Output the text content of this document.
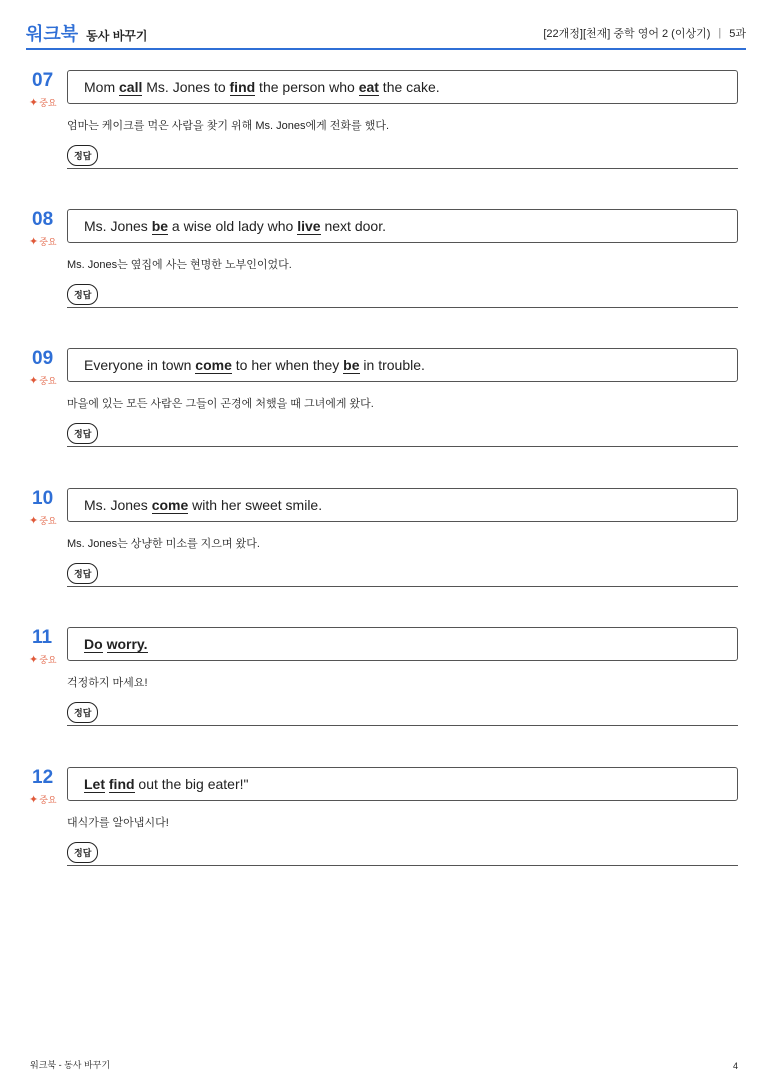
워크북 동사 바꾸기	[22개정][천재] 중학 영어 2 (이상기) | 5과
07
✦ 중요
Mom call Ms. Jones to find the person who eat the cake.
엄마는 케이크를 먹은 사람을 찾기 위해 Ms. Jones에게 전화를 했다.
정답
08
✦ 중요
Ms. Jones be a wise old lady who live next door.
Ms. Jones는 옆집에 사는 현명한 노부인이었다.
정답
09
✦ 중요
Everyone in town come to her when they be in trouble.
마을에 있는 모든 사람은 그들이 곤경에 처했을 때 그녀에게 왔다.
정답
10
✦ 중요
Ms. Jones come with her sweet smile.
Ms. Jones는 상냥한 미소를 지으며 왔다.
정답
11
✦ 중요
Do
worry.
걱정하지 마세요!
정답
12
✦ 중요
Let
find out the big eater!"
대식가를 알아냅시다!
정답
워크북 - 동사 바꾸기	4
